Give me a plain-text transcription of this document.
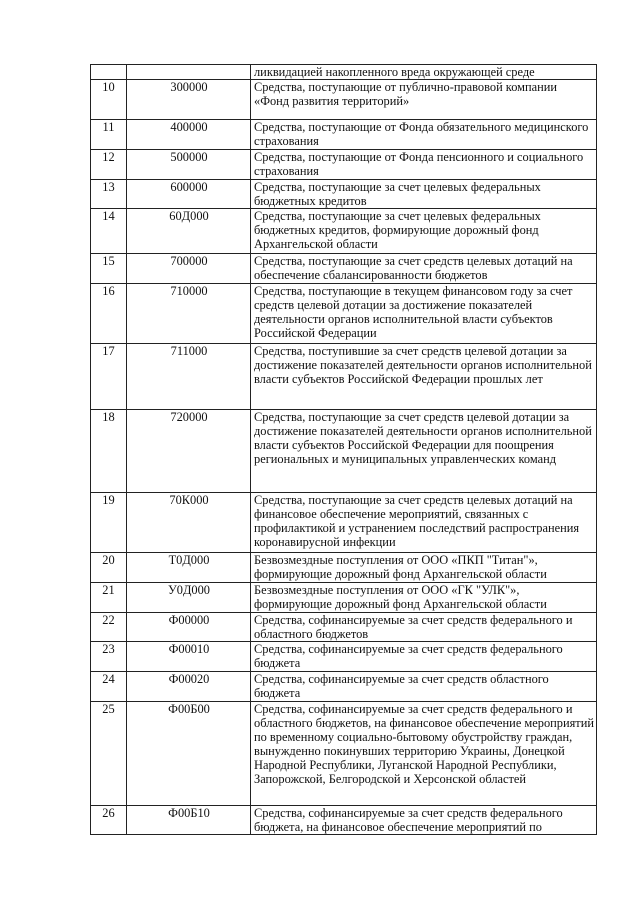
		ликвидацией накопленного вреда окружающей среде
10	300000	Средства, поступающие от публично-правовой компании «Фонд развития территорий»
11	400000	Средства, поступающие от Фонда обязательного медицинского страхования
12	500000	Средства, поступающие от Фонда пенсионного и социального страхования
13	600000	Средства, поступающие за счет целевых федеральных бюджетных кредитов
14	60Д000	Средства, поступающие за счет целевых федеральных бюджетных кредитов, формирующие дорожный фонд Архангельской области
15	700000	Средства, поступающие за счет средств целевых дотаций на обеспечение сбалансированности бюджетов
16	710000	Средства, поступающие в текущем финансовом году за счет средств целевой дотации за достижение показателей деятельности органов исполнительной власти субъектов Российской Федерации
17	711000	Средства, поступившие за счет средств целевой дотации за достижение показателей деятельности органов исполнительной власти субъектов Российской Федерации прошлых лет
18	720000	Средства, поступающие за счет средств целевой дотации за достижение показателей деятельности органов исполнительной власти субъектов Российской Федерации для поощрения региональных и муниципальных управленческих команд
19	70К000	Средства, поступающие за счет средств целевых дотаций на финансовое обеспечение мероприятий, связанных с профилактикой и устранением последствий распространения коронавирусной инфекции
20	Т0Д000	Безвозмездные поступления от ООО «ПКП "Титан"», формирующие дорожный фонд Архангельской области
21	У0Д000	Безвозмездные поступления от ООО «ГК "УЛК"», формирующие дорожный фонд Архангельской области
22	Ф00000	Средства, софинансируемые за счет средств федерального и областного бюджетов
23	Ф00010	Средства, софинансируемые за счет средств федерального бюджета
24	Ф00020	Средства, софинансируемые за счет средств областного бюджета
25	Ф00Б00	Средства, софинансируемые за счет средств федерального и областного бюджетов, на финансовое обеспечение мероприятий по временному социально-бытовому обустройству граждан, вынужденно покинувших территорию Украины, Донецкой Народной Республики, Луганской Народной Республики, Запорожской, Белгородской и Херсонской областей
26	Ф00Б10	Средства, софинансируемые за счет средств федерального бюджета, на финансовое обеспечение мероприятий по
